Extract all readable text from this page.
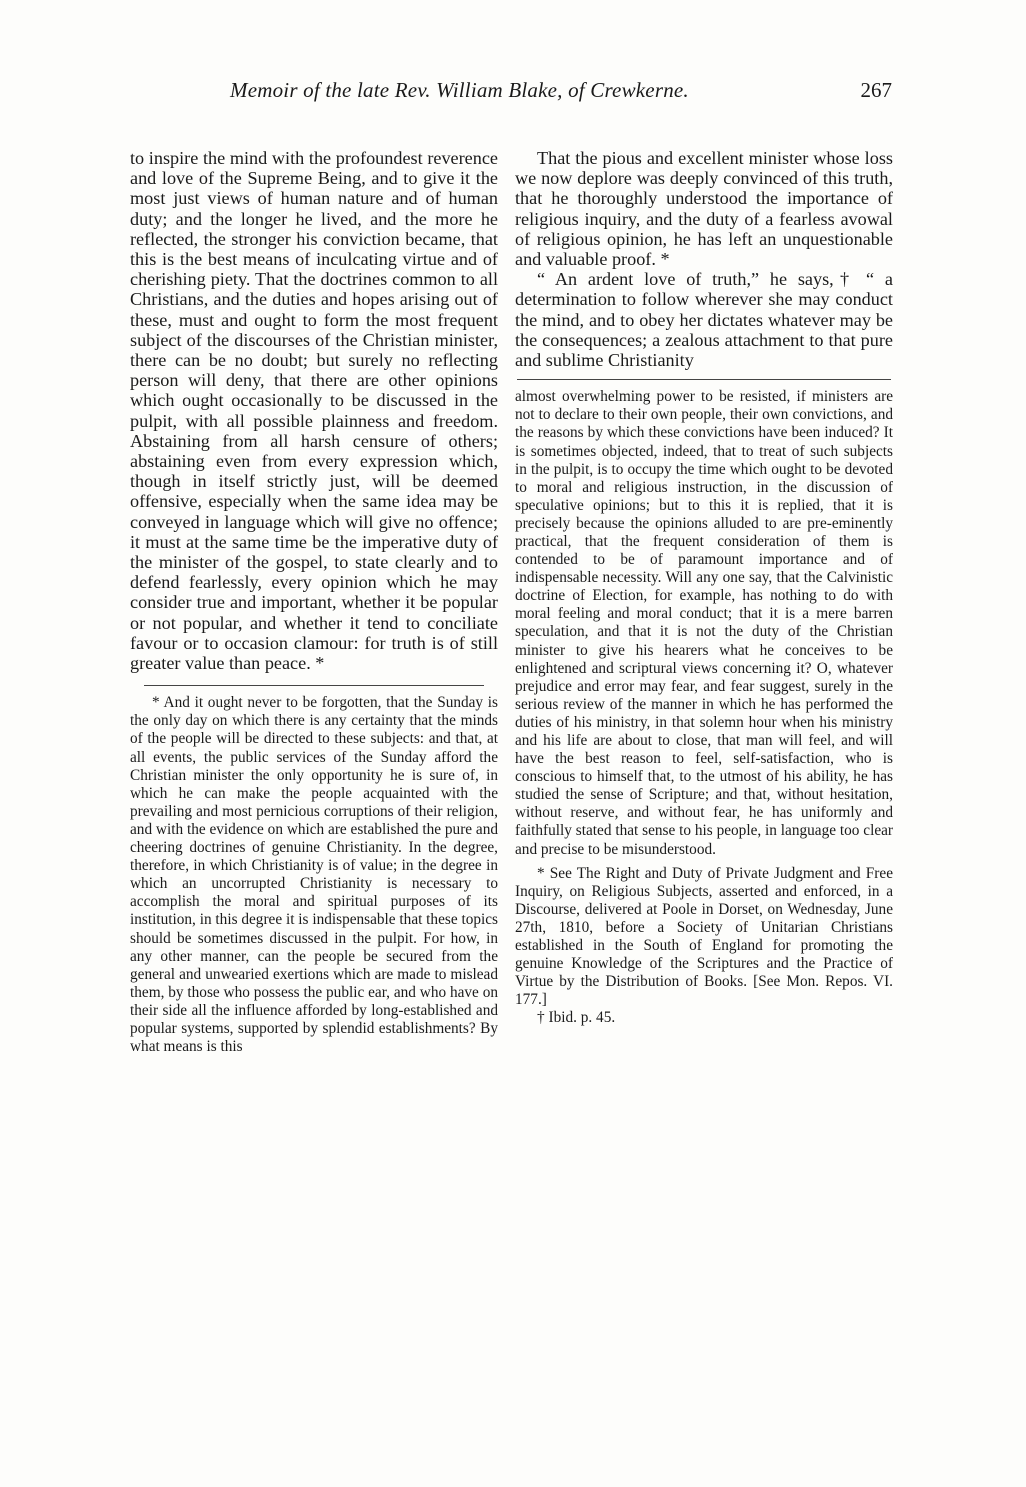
Memoir of the late Rev. William Blake, of Crewkerne.	267

to inspire the mind with the profoundest reverence and love of the Supreme Being, and to give it the most just views of human nature and of human duty; and the longer he lived, and the more he reflected, the stronger his conviction became, that this is the best means of inculcating virtue and of cherishing piety. That the doctrines common to all Christians, and the duties and hopes arising out of these, must and ought to form the most frequent subject of the discourses of the Christian minister, there can be no doubt; but surely no reflecting person will deny, that there are other opinions which ought occasionally to be discussed in the pulpit, with all possible plainness and freedom. Abstaining from all harsh censure of others; abstaining even from every expression which, though in itself strictly just, will be deemed offensive, especially when the same idea may be conveyed in language which will give no offence; it must at the same time be the imperative duty of the minister of the gospel, to state clearly and to defend fearlessly, every opinion which he may consider true and important, whether it be popular or not popular, and whether it tend to conciliate favour or to occasion clamour: for truth is of still greater value than peace. *

* And it ought never to be forgotten, that the Sunday is the only day on which there is any certainty that the minds of the people will be directed to these subjects: and that, at all events, the public services of the Sunday afford the Christian minister the only opportunity he is sure of, in which he can make the people acquainted with the prevailing and most pernicious corruptions of their religion, and with the evidence on which are established the pure and cheering doctrines of genuine Christianity. In the degree, therefore, in which Christianity is of value; in the degree in which an uncorrupted Christianity is necessary to accomplish the moral and spiritual purposes of its institution, in this degree it is indispensable that these topics should be sometimes discussed in the pulpit. For how, in any other manner, can the people be secured from the general and unwearied exertions which are made to mislead them, by those who possess the public ear, and who have on their side all the influence afforded by long-established and popular systems, supported by splendid establishments? By what means is this

That the pious and excellent minister whose loss we now deplore was deeply convinced of this truth, that he thoroughly understood the importance of religious inquiry, and the duty of a fearless avowal of religious opinion, he has left an unquestionable and valuable proof. *

“ An ardent love of truth,” he says,† “ a determination to follow wherever she may conduct the mind, and to obey her dictates whatever may be the consequences; a zealous attachment to that pure and sublime Christianity

almost overwhelming power to be resisted, if ministers are not to declare to their own people, their own convictions, and the reasons by which these convictions have been induced? It is sometimes objected, indeed, that to treat of such subjects in the pulpit, is to occupy the time which ought to be devoted to moral and religious instruction, in the discussion of speculative opinions; but to this it is replied, that it is precisely because the opinions alluded to are pre-eminently practical, that the frequent consideration of them is contended to be of paramount importance and of indispensable necessity. Will any one say, that the Calvinistic doctrine of Election, for example, has nothing to do with moral feeling and moral conduct; that it is a mere barren speculation, and that it is not the duty of the Christian minister to give his hearers what he conceives to be enlightened and scriptural views concerning it? O, whatever prejudice and error may fear, and fear suggest, surely in the serious review of the manner in which he has performed the duties of his ministry, in that solemn hour when his ministry and his life are about to close, that man will feel, and will have the best reason to feel, self-satisfaction, who is conscious to himself that, to the utmost of his ability, he has studied the sense of Scripture; and that, without hesitation, without reserve, and without fear, he has uniformly and faithfully stated that sense to his people, in language too clear and precise to be misunderstood.

* See The Right and Duty of Private Judgment and Free Inquiry, on Religious Subjects, asserted and enforced, in a Discourse, delivered at Poole in Dorset, on Wednesday, June 27th, 1810, before a Society of Unitarian Christians established in the South of England for promoting the genuine Knowledge of the Scriptures and the Practice of Virtue by the Distribution of Books. [See Mon. Repos. VI. 177.]

† Ibid. p. 45.
